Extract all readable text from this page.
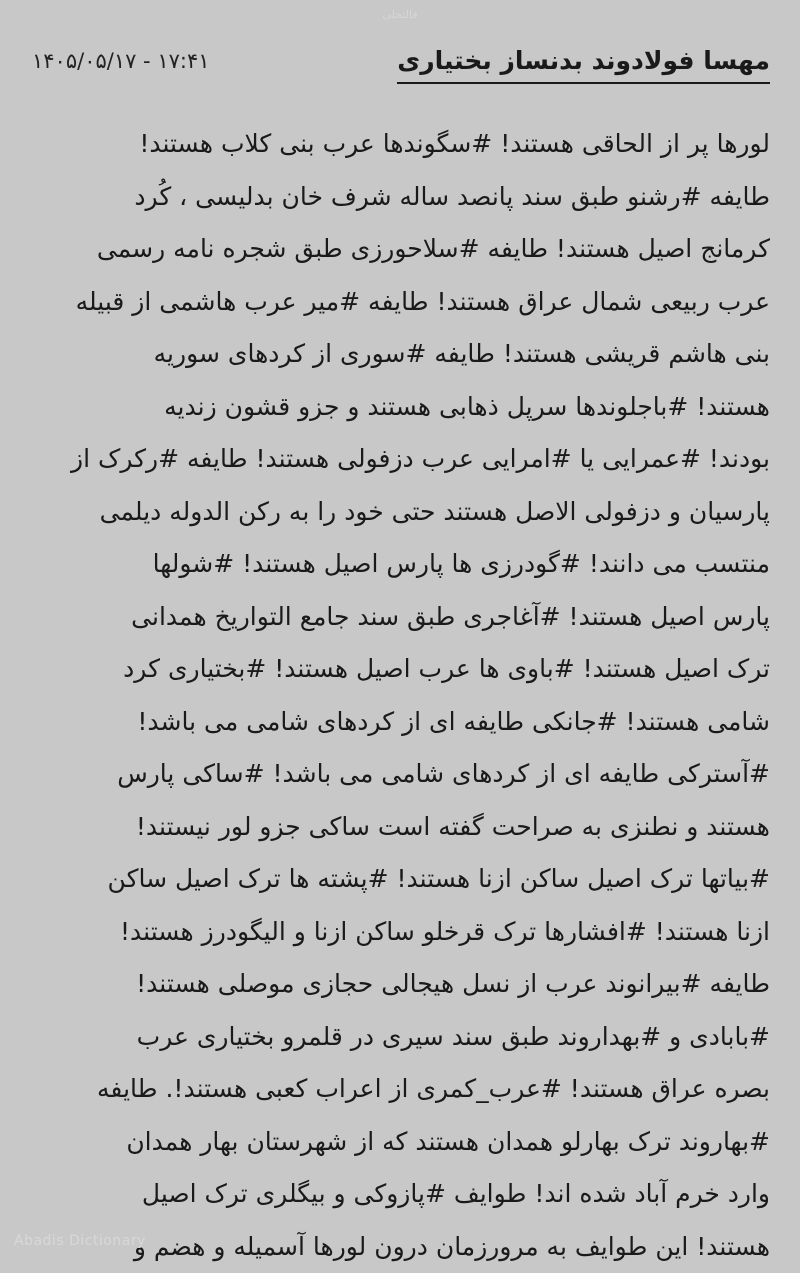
فالتحلی
مهسا فولادوند بدنساز بختیاری
۱۴۰۵/۰۵/۱۷ - ۱۷:۴۱
لورها پر از الحاقی هستند! #سگوندها عرب بنی کلاب هستند!
طایفه #رشنو طبق سند پانصد ساله شرف خان بدلیسی ، کُرد
کرمانج اصیل هستند! طایفه #سلاحورزی طبق شجره نامه رسمی
عرب ربیعی شمال عراق هستند! طایفه #میر عرب هاشمی از قبیله
بنی هاشم قریشی هستند! طایفه #سوری از کردهای سوریه
هستند! #باجلوندها سرپل ذهابی هستند و جزو قشون زندیه
بودند! #عمرایی یا #امرایی عرب دزفولی هستند! طایفه #رکرک از
پارسیان و دزفولی الاصل هستند حتی خود را به رکن الدوله دیلمی
منتسب می دانند! #گودرزی ها پارس اصیل هستند! #شولها
پارس اصیل هستند! #آغاجری طبق سند جامع التواریخ همدانی
ترک اصیل هستند! #باوی ها عرب اصیل هستند! #بختیاری کرد
شامی هستند! #جانکی طایفه ای از کردهای شامی می باشد!
#آسترکی طایفه ای از کردهای شامی می باشد! #ساکی پارس
هستند و نطنزی به صراحت گفته است ساکی جزو لور نیستند!
#بیاتها ترک اصیل ساکن ازنا هستند! #پشته ها ترک اصیل ساکن
ازنا هستند! #افشارها ترک قرخلو ساکن ازنا و الیگودرز هستند!
طایفه #بیرانوند عرب از نسل هیجالی حجازی موصلی هستند!
#بابادی و #بهداروند طبق سند سیری در قلمرو بختیاری عرب
بصره عراق هستند! #عرب_کمری از اعراب کعبی هستند!. طایفه
#بهاروند ترک بهارلو همدان هستند که از شهرستان بهار همدان
وارد خرم آباد شده اند! طوایف #پازوکی و بیگلری ترک اصیل
هستند! این طوایف به مرورزمان درون لورها آسمیله و هضم و
Abadis Dictionary
